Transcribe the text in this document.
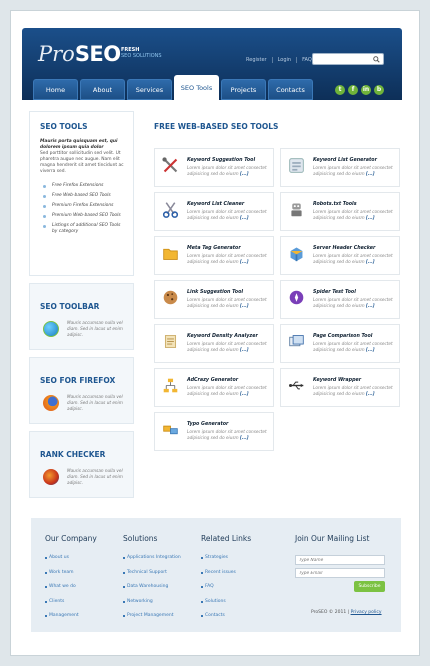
ProSEO FRESH
SEO SOLUTIONS
Register	Login	FAQ
t	f	in	b
Home	About	Services	SEO Tools	Projects	Contacts
SEO TOOLS
Mauris porta quisquam est, qui dolorem ipsum quia dolor
Sed porttitor sollicitudin sed velit. Ut pharetra augue nec augue. Nam elit magna hendrerit sit amet tincidunt ac viverra sed.
Free Firefox Extensions
Free Web-based SEO Tools
Premium Firefox Extensions
Premium Web-based SEO Tools
Listings of additional SEO Tools by category
SEO TOOLBAR
Mauris accumsan nulla vel diam. Sed in lacus ut enim adipisc.
SEO FOR FIREFOX
Mauris accumsan nulla vel diam. Sed in lacus ut enim adipisc.
RANK CHECKER
Mauris accumsan nulla vel diam. Sed in lacus ut enim adipisc.
FREE WEB-BASED SEO TOOLS
Keyword Suggestion Tool
Lorem ipsum dolor sit amet consectet adipisicing sed do eiusm [...]
Keyword List Generator
Lorem ipsum dolor sit amet consectet adipisicing sed do eiusm [...]
Keyword List Cleaner
Lorem ipsum dolor sit amet consectet adipisicing sed do eiusm [...]
Robots.txt Tools
Lorem ipsum dolor sit amet consectet adipisicing sed do eiusm [...]
Meta Tag Generator
Lorem ipsum dolor sit amet consectet adipisicing sed do eiusm [...]
Server Header Checker
Lorem ipsum dolor sit amet consectet adipisicing sed do eiusm [...]
Link Suggestion Tool
Lorem ipsum dolor sit amet consectet adipisicing sed do eiusm [...]
Spider Test Tool
Lorem ipsum dolor sit amet consectet adipisicing sed do eiusm [...]
Keyword Density Analyzer
Lorem ipsum dolor sit amet consectet adipisicing sed do eiusm [...]
Page Comparison Tool
Lorem ipsum dolor sit amet consectet adipisicing sed do eiusm [...]
AdCrazy Generator
Lorem ipsum dolor sit amet consectet adipisicing sed do eiusm [...]
Keyword Wrapper
Lorem ipsum dolor sit amet consectet adipisicing sed do eiusm [...]
Typo Generator
Lorem ipsum dolor sit amet consectet adipisicing sed do eiusm [...]
Our Company
About us
Work team
What we do
Clients
Management
Solutions
Applications Integration
Technical Support
Data Warehousing
Networking
Project Management
Related Links
Strategies
Recent issues
FAQ
Solutions
Contacts
Join Our Mailing List
Type Name
Type Email
Subscribe
ProSEO © 2011 | Privacy policy
